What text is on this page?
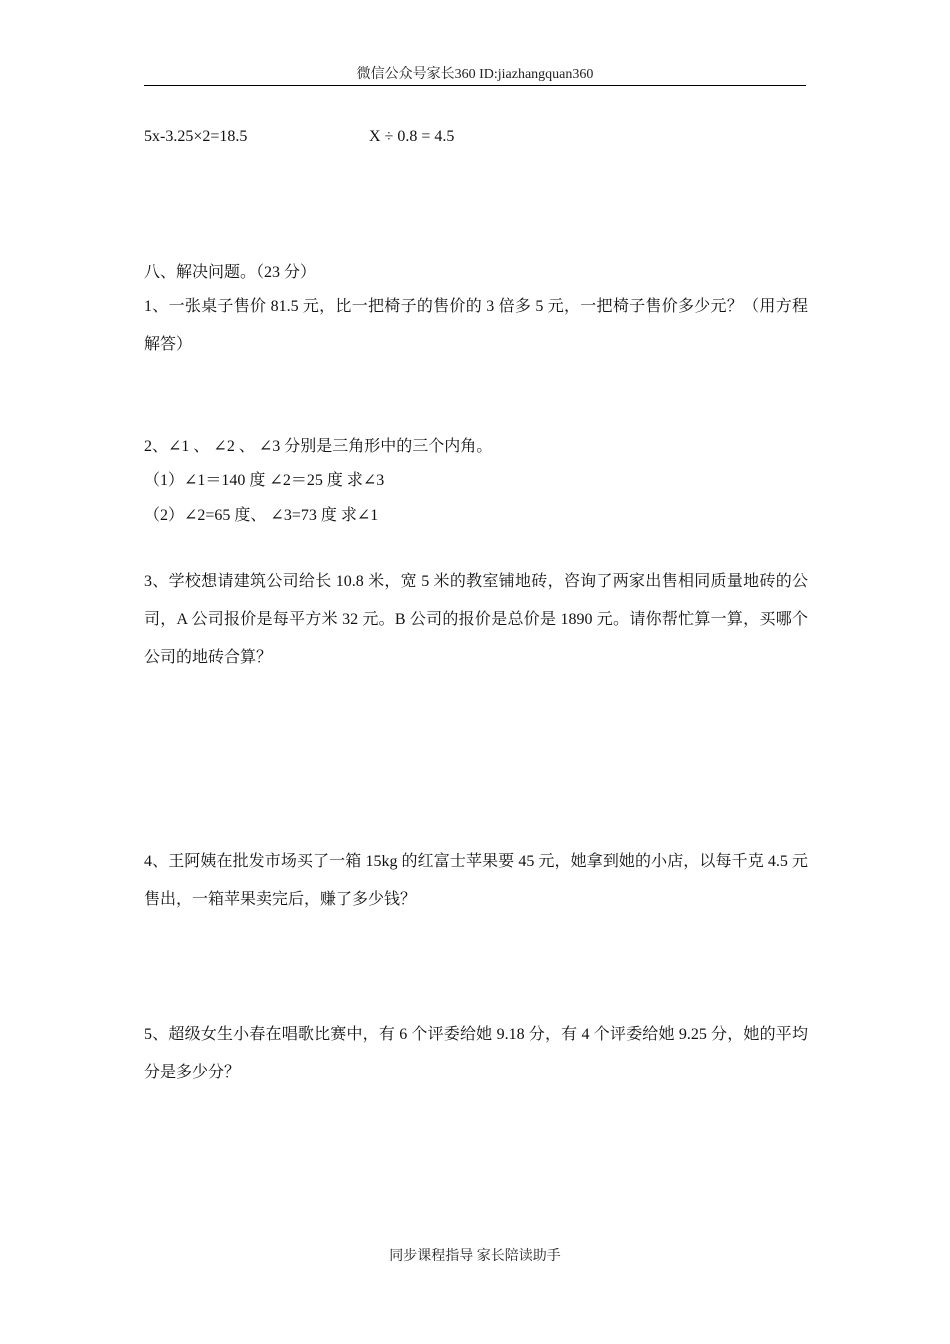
微信公众号家长360 ID:jiazhangquan360
5x-3.25×2=18.5	X ÷ 0.8 = 4.5
八、解决问题。（23 分）
1、一张桌子售价 81.5 元，比一把椅子的售价的 3 倍多 5 元，一把椅子售价多少元？（用方程解答）
2、∠1 、 ∠2 、 ∠3 分别是三角形中的三个内角。
（1）∠1＝140 度 ∠2＝25 度 求∠3
（2）∠2=65 度、 ∠3=73 度 求∠1
3、学校想请建筑公司给长 10.8 米，宽 5 米的教室铺地砖，咨询了两家出售相同质量地砖的公司，A 公司报价是每平方米 32 元。B 公司的报价是总价是 1890 元。请你帮忙算一算，买哪个公司的地砖合算？
4、王阿姨在批发市场买了一箱 15kg 的红富士苹果要 45 元，她拿到她的小店，以每千克 4.5 元售出，一箱苹果卖完后，赚了多少钱？
5、超级女生小春在唱歌比赛中，有 6 个评委给她 9.18 分，有 4 个评委给她 9.25 分，她的平均分是多少分？
同步课程指导 家长陪读助手
